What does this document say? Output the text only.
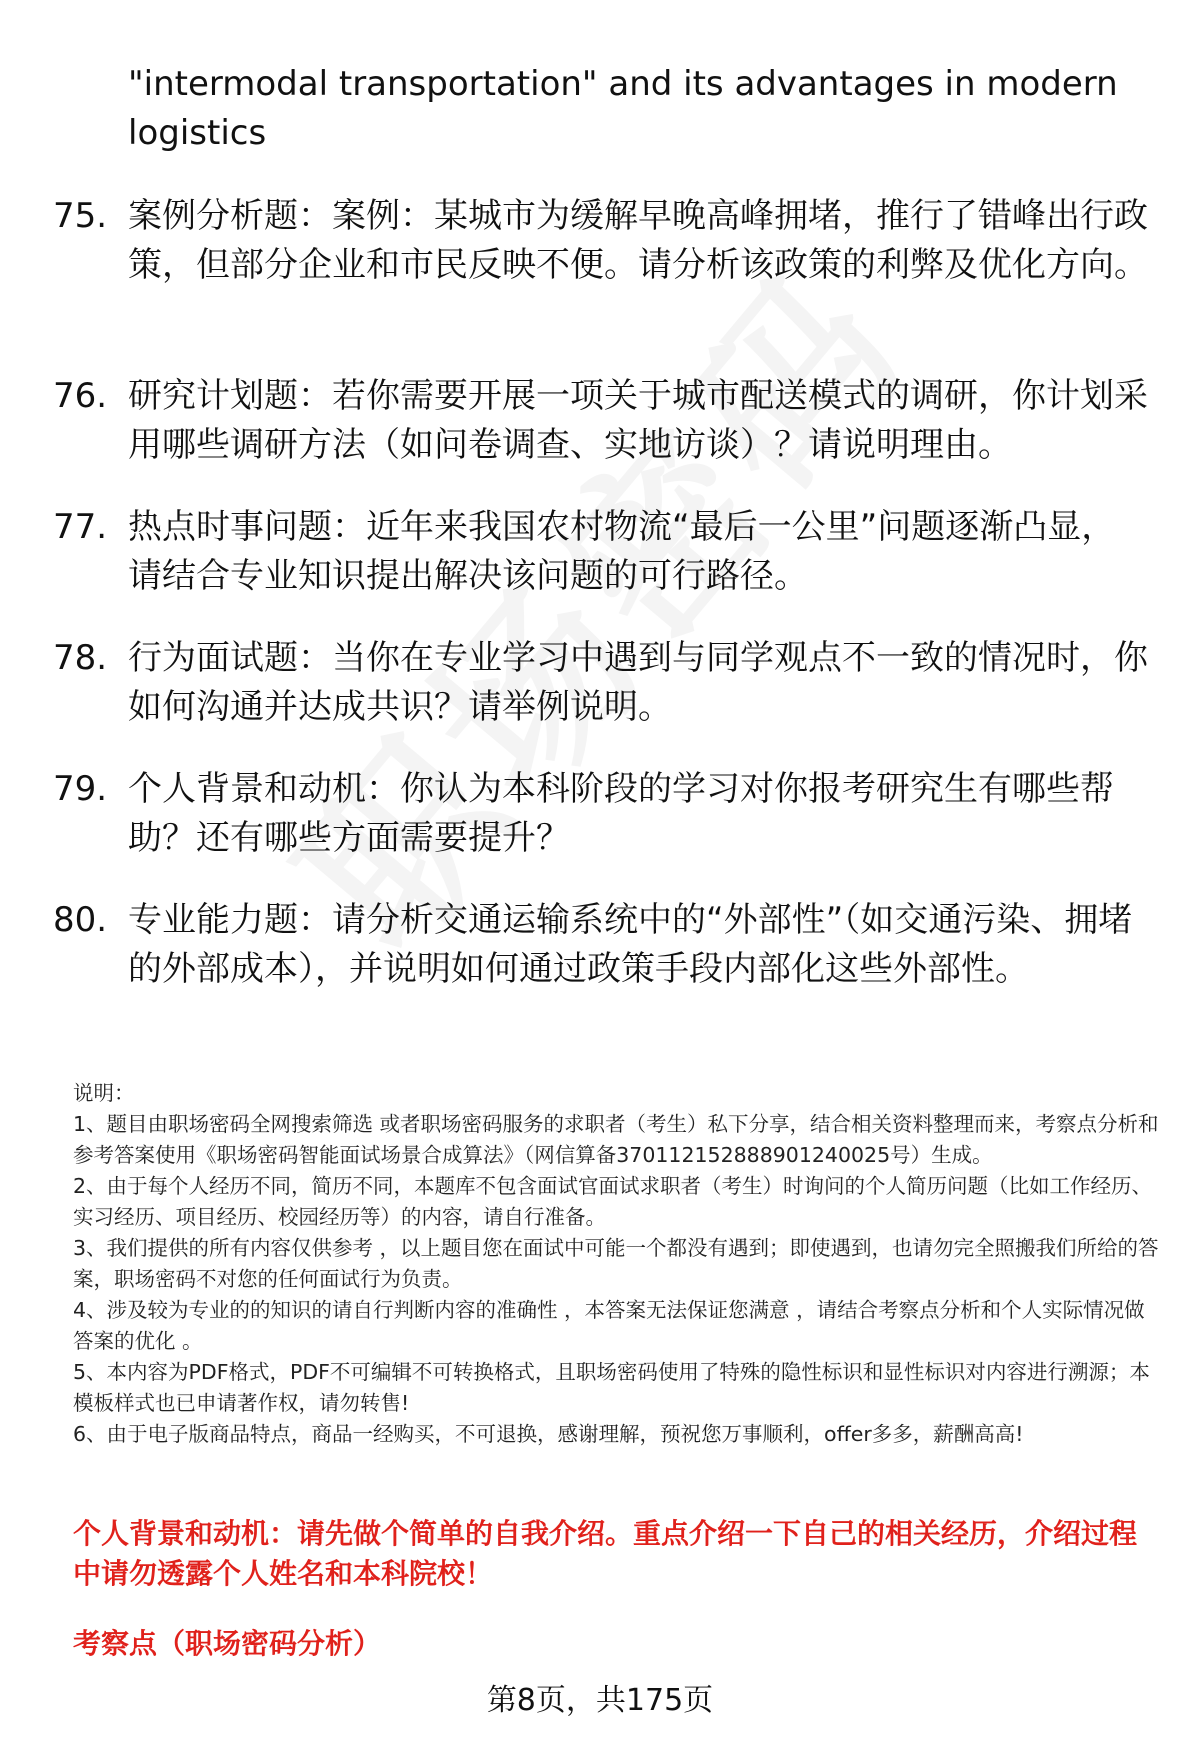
"intermodal transportation" and its advantages in modern logistics
75. 案例分析题：案例：某城市为缓解早晚高峰拥堵，推行了错峰出行政策，但部分企业和市民反映不便。请分析该政策的利弊及优化方向。
76. 研究计划题：若你需要开展一项关于城市配送模式的调研，你计划采用哪些调研方法（如问卷调查、实地访谈）？请说明理由。
77. 热点时事问题：近年来我国农村物流“最后一公里”问题逐渐凸显，请结合专业知识提出解决该问题的可行路径。
78. 行为面试题：当你在专业学习中遇到与同学观点不一致的情况时，你如何沟通并达成共识？请举例说明。
79. 个人背景和动机：你认为本科阶段的学习对你报考研究生有哪些帮助？还有哪些方面需要提升？
80. 专业能力题：请分析交通运输系统中的“外部性”（如交通污染、拥堵的外部成本），并说明如何通过政策手段内部化这些外部性。

说明：

1、题目由职场密码全网搜索筛选 或者职场密码服务的求职者（考生）私下分享，结合相关资料整理而来，考察点分析和参考答案使用《职场密码智能面试场景合成算法》（网信算备370112152888901240025号）生成。

2、由于每个人经历不同，简历不同，本题库不包含面试官面试求职者（考生）时询问的个人简历问题（比如工作经历、实习经历、项目经历、校园经历等）的内容，请自行准备。

3、我们提供的所有内容仅供参考 ，以上题目您在面试中可能一个都没有遇到；即使遇到，也请勿完全照搬我们所给的答案，职场密码不对您的任何面试行为负责。

4、涉及较为专业的的知识的请自行判断内容的准确性 ，本答案无法保证您满意 ，请结合考察点分析和个人实际情况做答案的优化 。

5、本内容为PDF格式，PDF不可编辑不可转换格式，且职场密码使用了特殊的隐性标识和显性标识对内容进行溯源；本模板样式也已申请著作权，请勿转售!

6、由于电子版商品特点，商品一经购买，不可退换，感谢理解，预祝您万事顺利，offer多多，薪酬高高!

个人背景和动机：请先做个简单的自我介绍。重点介绍一下自己的相关经历，介绍过程中请勿透露个人姓名和本科院校！
考察点（职场密码分析）
第8页，共175页
